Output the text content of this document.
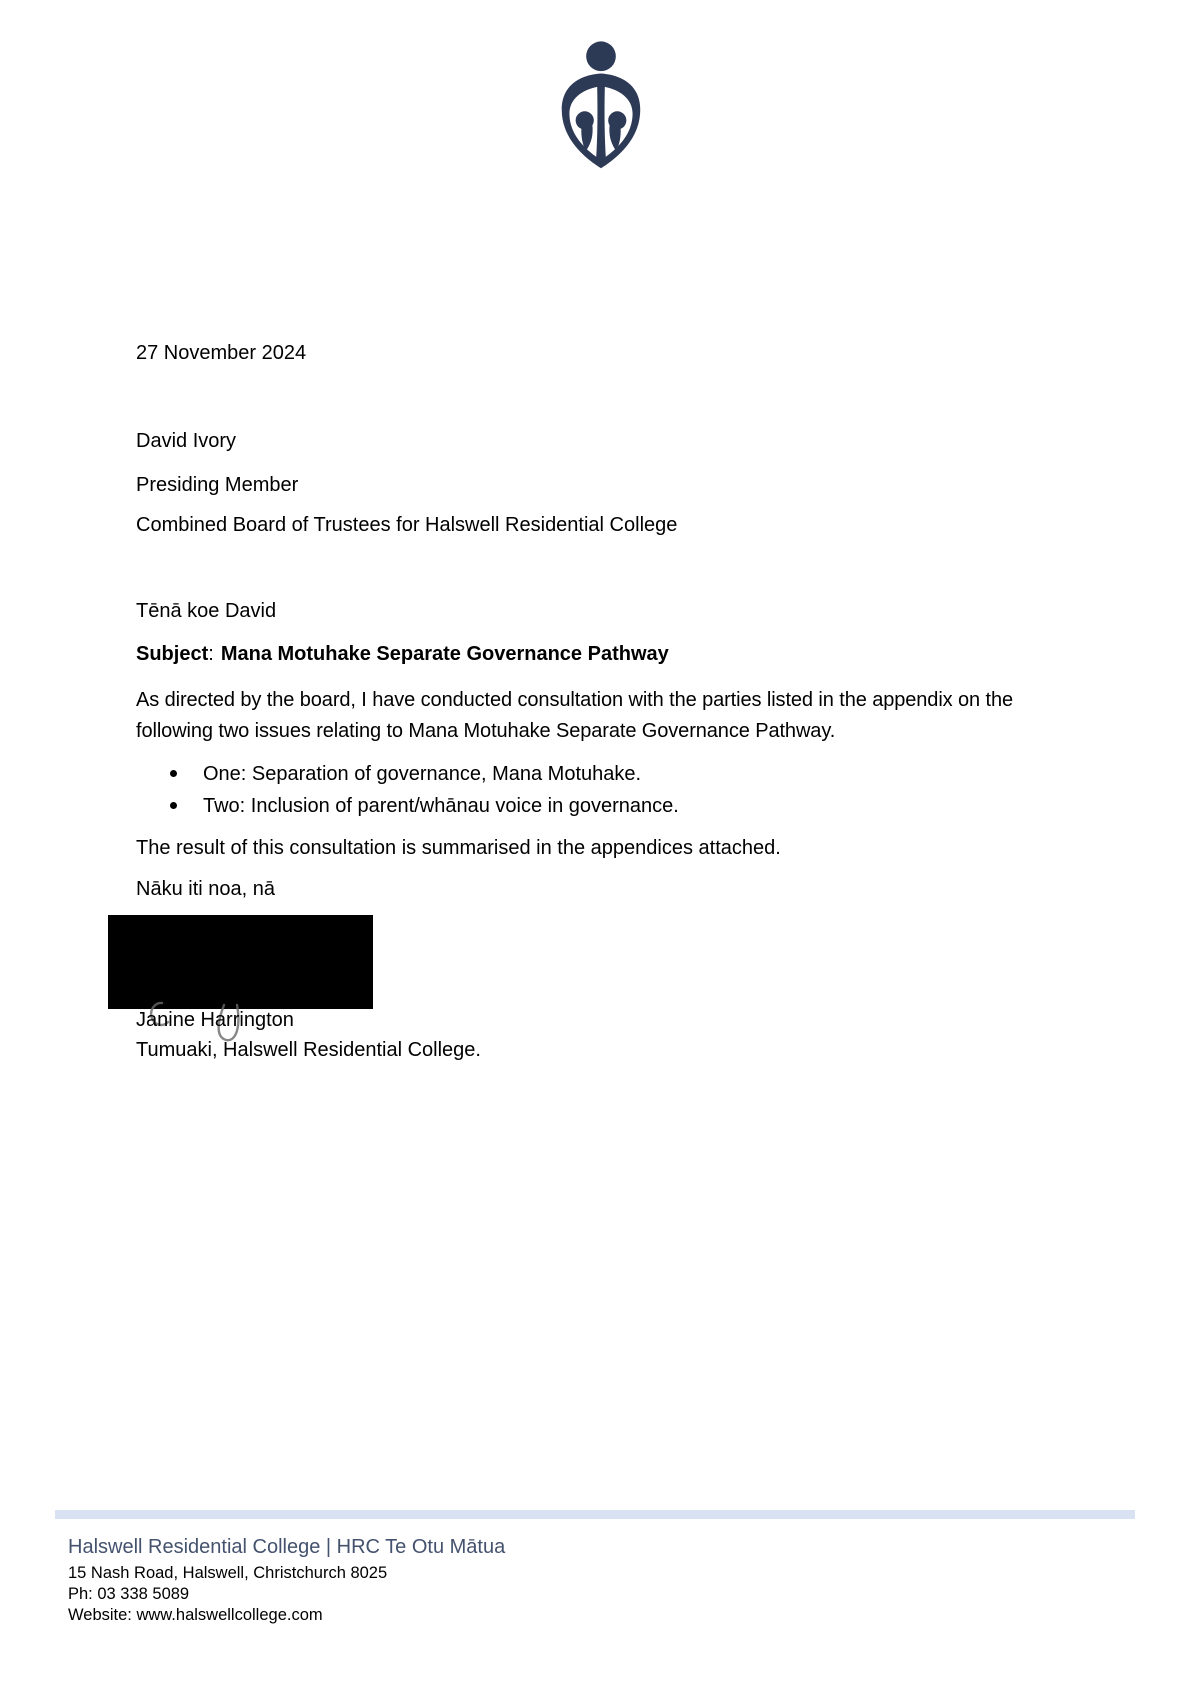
27 November 2024
David Ivory
Presiding Member
Combined Board of Trustees for Halswell Residential College
Tēnā koe David
Subject: Mana Motuhake Separate Governance Pathway
As directed by the board, I have conducted consultation with the parties listed in the appendix on the following two issues relating to Mana Motuhake Separate Governance Pathway.
One: Separation of governance, Mana Motuhake.
Two: Inclusion of parent/whānau voice in governance.
The result of this consultation is summarised in the appendices attached.
Nāku iti noa, nā
Janine Harrington
Tumuaki, Halswell Residential College.
Halswell Residential College | HRC Te Otu Mātua
15 Nash Road, Halswell, Christchurch 8025
Ph: 03 338 5089
Website: www.halswellcollege.com
